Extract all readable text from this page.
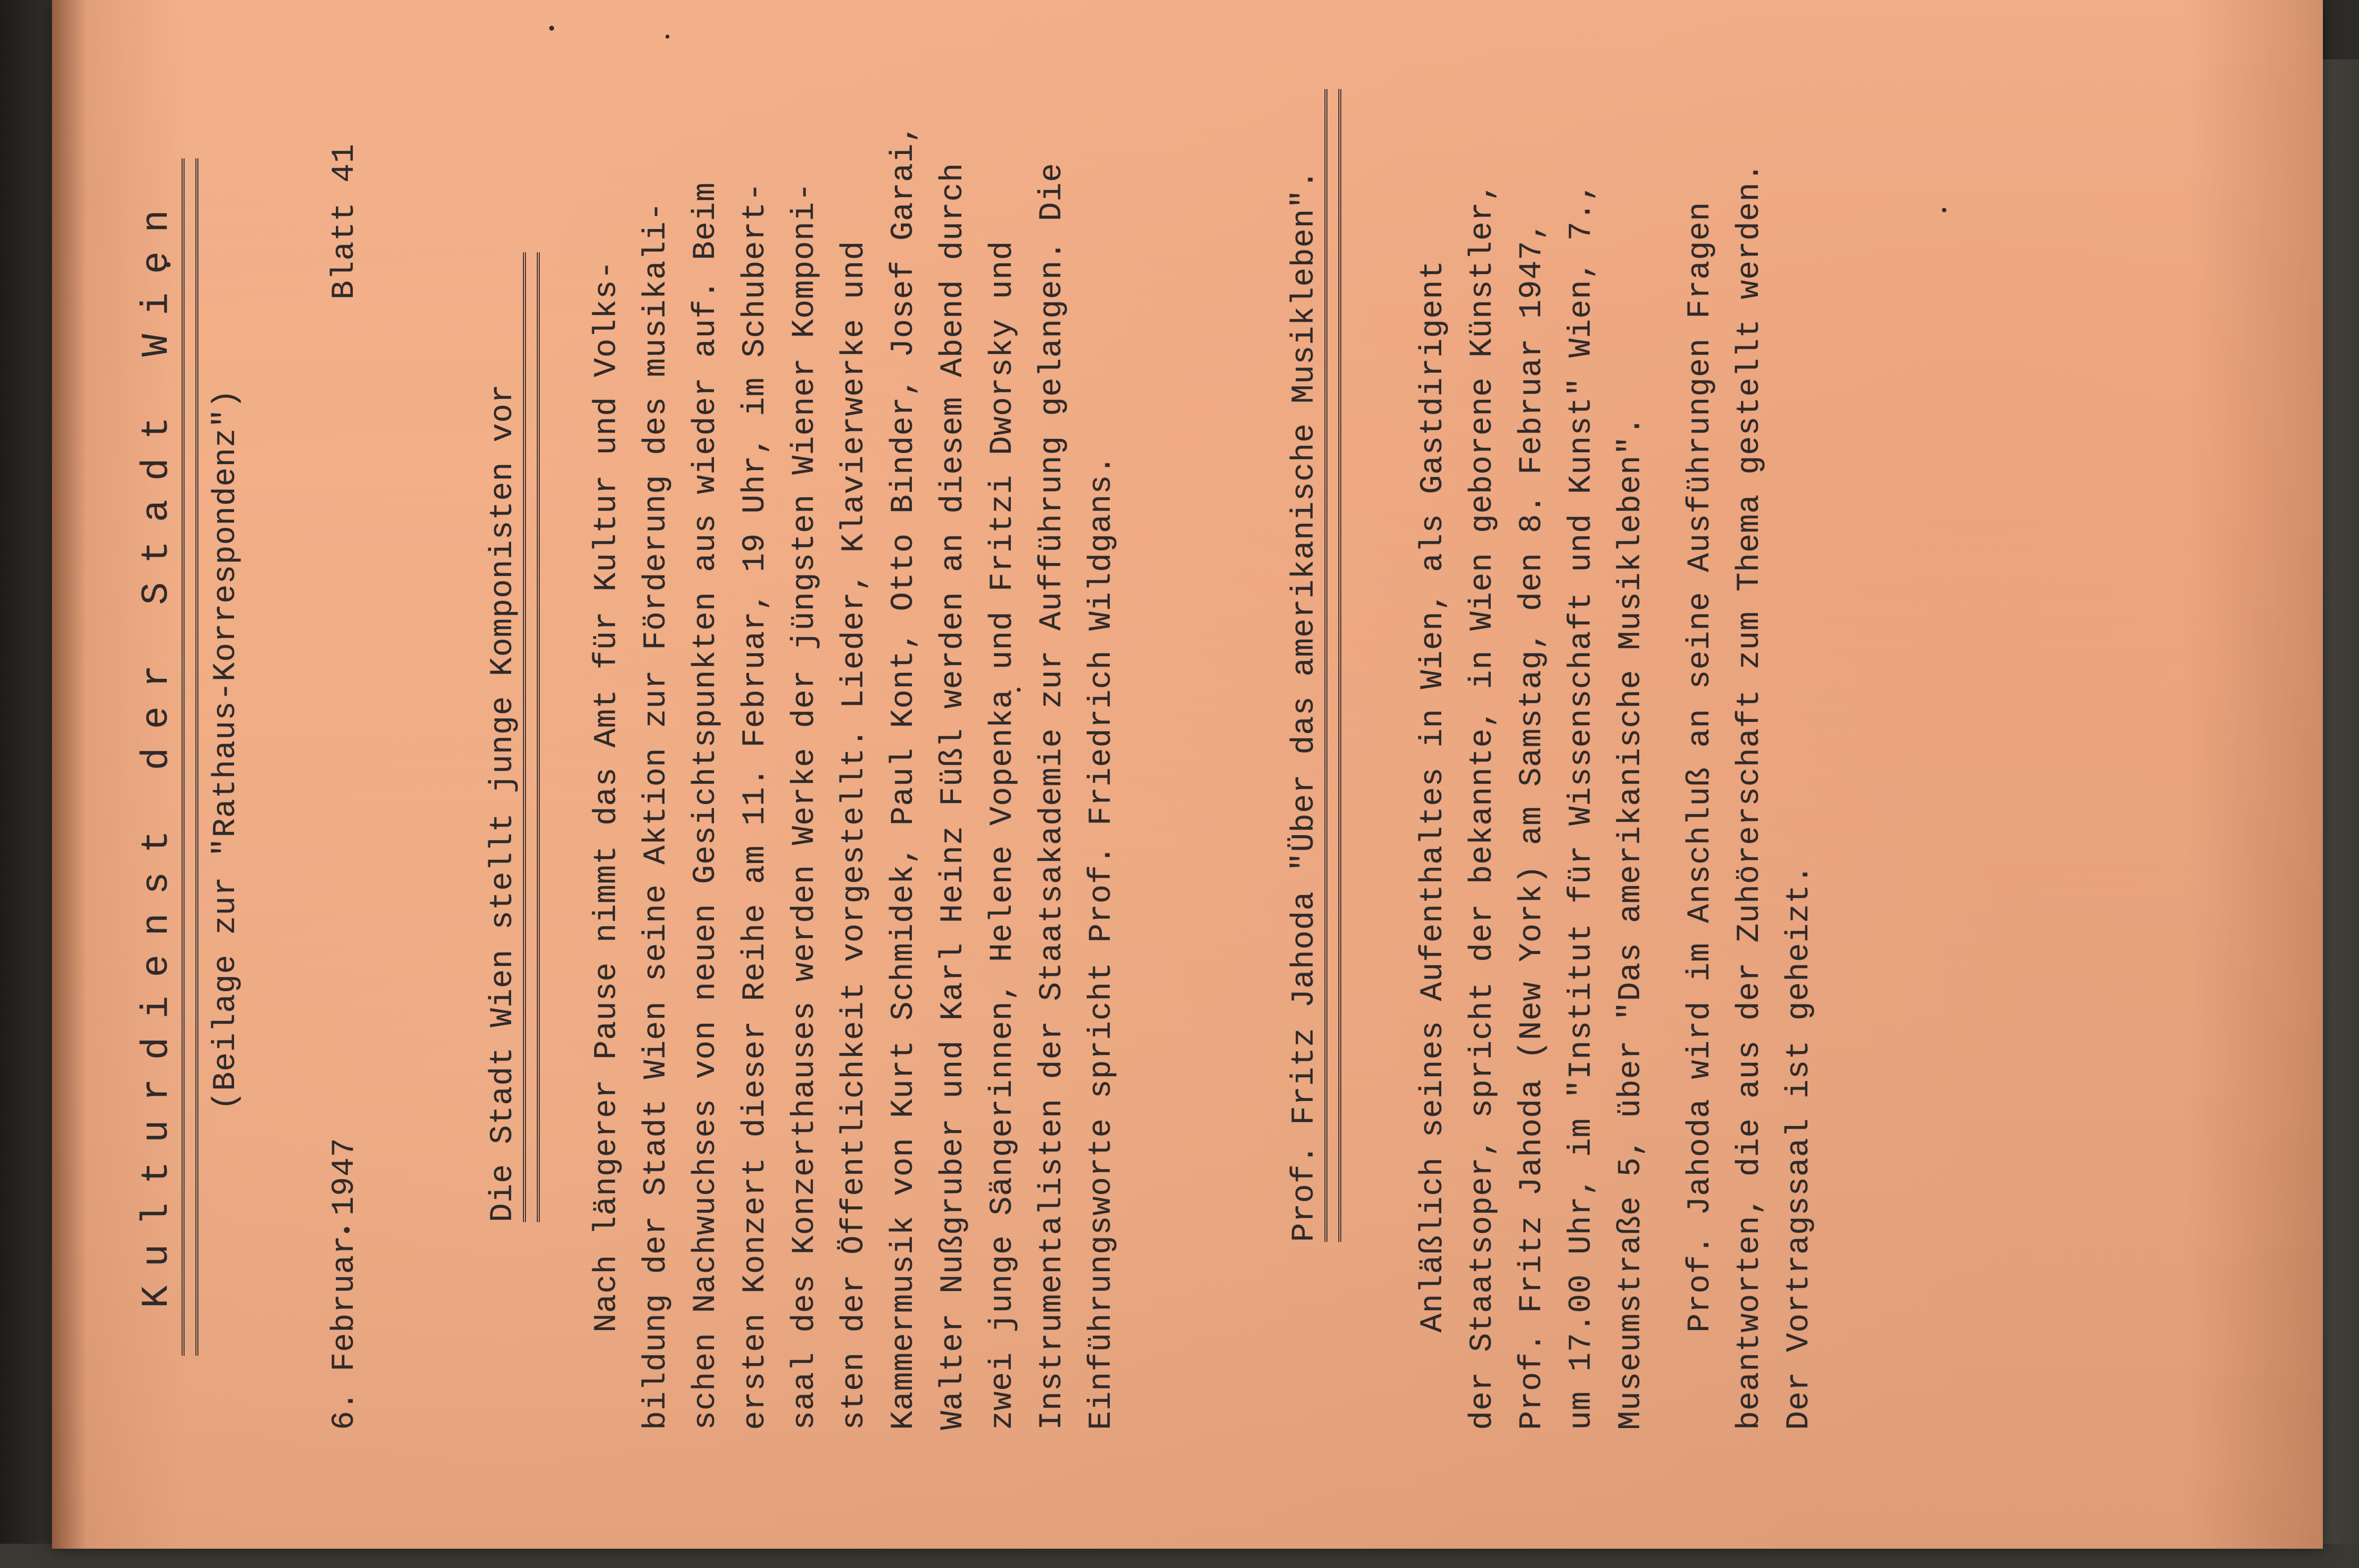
Kulturdienst der Stadt Wien (Beilage zur "Rathaus-Korrespondenz")
6. Februar 1947
Blatt 41
Die Stadt Wien stellt junge Komponisten vor Nach längerer Pause nimmt das Amt für Kultur und Volks- bildung der Stadt Wien seine Aktion zur Förderung des musikali- schen Nachwuchses von neuen Gesichtspunkten aus wieder auf. Beim ersten Konzert dieser Reihe am 11. Februar, 19 Uhr, im Schubert- saal des Konzerthauses werden Werke der jüngsten Wiener Komponi- sten der Öffentlichkeit vorgestellt. Lieder, Klavierwerke und Kammermusik von Kurt Schmidek, Paul Kont, Otto Binder, Josef Garai, Walter Nußgruber und Karl Heinz Füßl werden an diesem Abend durch zwei junge Sängerinnen, Helene Vopenka und Fritzi Dworsky und Instrumentalisten der Staatsakademie zur Aufführung gelangen. Die Einführungsworte spricht Prof. Friedrich Wildgans.	Prof. Fritz Jahoda "Über das amerikanische Musikleben".	Anläßlich seines Aufenthaltes in Wien, als Gastdirigent der Staatsoper, spricht der bekannte, in Wien geborene Künstler, Prof. Fritz Jahoda (New York) am Samstag, den 8. Februar 1947, um 17.00 Uhr, im "Institut für Wissenschaft und Kunst" Wien, 7., Museumstraße 5, über "Das amerikanische Musikleben". Prof. Jahoda wird im Anschluß an seine Ausführungen Fragen beantworten, die aus der Zuhörerschaft zum Thema gestellt werden. Der Vortragssaal ist geheizt.
